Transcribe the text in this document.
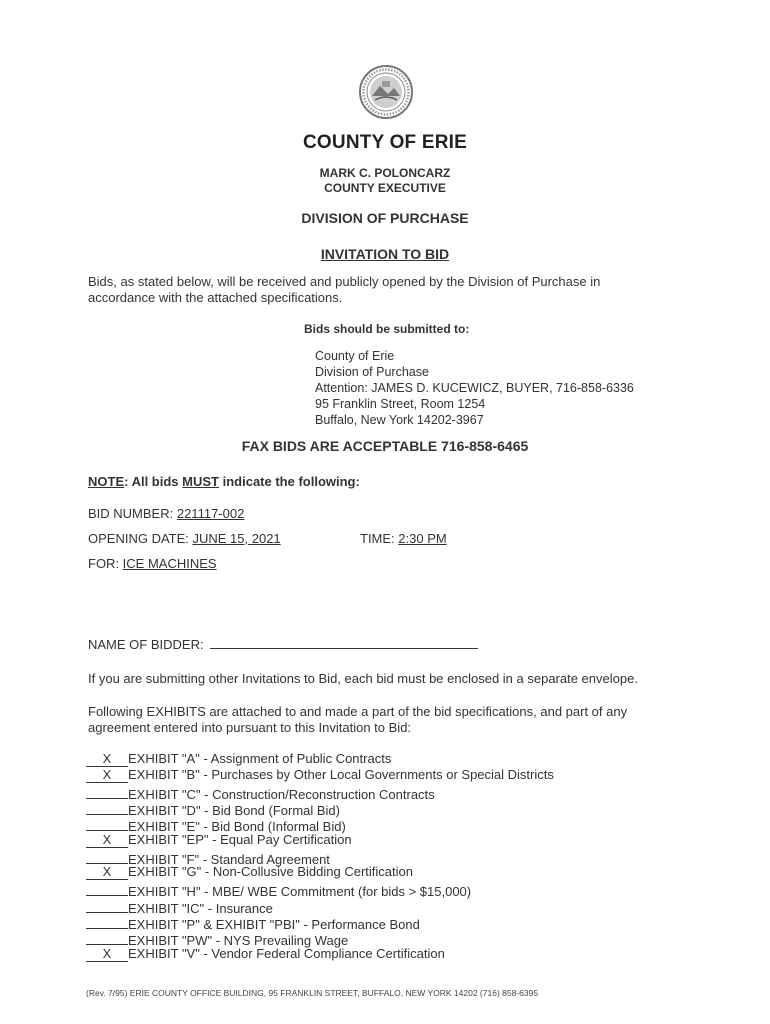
COUNTY OF ERIE
MARK C. POLONCARZ
COUNTY EXECUTIVE
DIVISION OF PURCHASE
INVITATION TO BID
Bids, as stated below, will be received and publicly opened by the Division of Purchase in
accordance with the attached specifications.
Bids should be submitted to:
County of Erie
Division of Purchase
Attention: JAMES D. KUCEWICZ, BUYER, 716-858-6336
95 Franklin Street, Room 1254
Buffalo, New York 14202-3967
FAX BIDS ARE ACCEPTABLE 716-858-6465
NOTE: All bids MUST indicate the following:
BID NUMBER: 221117-002
OPENING DATE: JUNE 15, 2021	TIME: 2:30 PM
FOR: ICE MACHINES
NAME OF BIDDER:
If you are submitting other Invitations to Bid, each bid must be enclosed in a separate envelope.
Following EXHIBITS are attached to and made a part of the bid specifications, and part of any
agreement entered into pursuant to this Invitation to Bid:
X EXHIBIT "A" - Assignment of Public Contracts
X EXHIBIT "B" - Purchases by Other Local Governments or Special Districts
EXHIBIT "C" - Construction/Reconstruction Contracts
EXHIBIT "D" - Bid Bond (Formal Bid)
EXHIBIT "E" - Bid Bond (Informal Bid)
X EXHIBIT "EP" - Equal Pay Certification
EXHIBIT "F" - Standard Agreement
X EXHIBIT "G" - Non-Collusive Bidding Certification
EXHIBIT "H" - MBE/ WBE Commitment (for bids > $15,000)
EXHIBIT "IC" - Insurance
EXHIBIT "P" & EXHIBIT "PBI" - Performance Bond
EXHIBIT "PW" - NYS Prevailing Wage
X EXHIBIT "V" - Vendor Federal Compliance Certification
(Rev. 7/95) ERIE COUNTY OFFICE BUILDING, 95 FRANKLIN STREET, BUFFALO, NEW YORK 14202 (716) 858-6395
